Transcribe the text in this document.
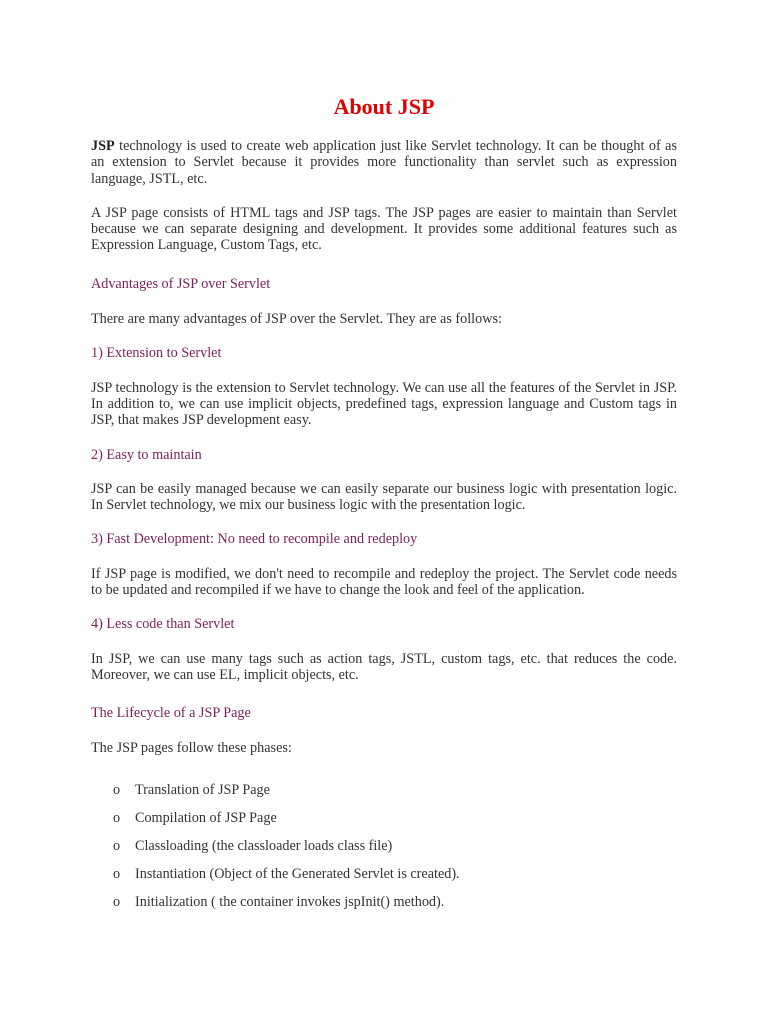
About JSP

JSP technology is used to create web application just like Servlet technology. It can be thought of as an extension to Servlet because it provides more functionality than servlet such as expression language, JSTL, etc.

A JSP page consists of HTML tags and JSP tags. The JSP pages are easier to maintain than Servlet because we can separate designing and development. It provides some additional features such as Expression Language, Custom Tags, etc.

Advantages of JSP over Servlet

There are many advantages of JSP over the Servlet. They are as follows:

1) Extension to Servlet

JSP technology is the extension to Servlet technology. We can use all the features of the Servlet in JSP. In addition to, we can use implicit objects, predefined tags, expression language and Custom tags in JSP, that makes JSP development easy.

2) Easy to maintain

JSP can be easily managed because we can easily separate our business logic with presentation logic. In Servlet technology, we mix our business logic with the presentation logic.

3) Fast Development: No need to recompile and redeploy

If JSP page is modified, we don't need to recompile and redeploy the project. The Servlet code needs to be updated and recompiled if we have to change the look and feel of the application.

4) Less code than Servlet

In JSP, we can use many tags such as action tags, JSTL, custom tags, etc. that reduces the code. Moreover, we can use EL, implicit objects, etc.

The Lifecycle of a JSP Page

The JSP pages follow these phases:

o Translation of JSP Page
o Compilation of JSP Page
o Classloading (the classloader loads class file)
o Instantiation (Object of the Generated Servlet is created).
o Initialization ( the container invokes jspInit() method).
